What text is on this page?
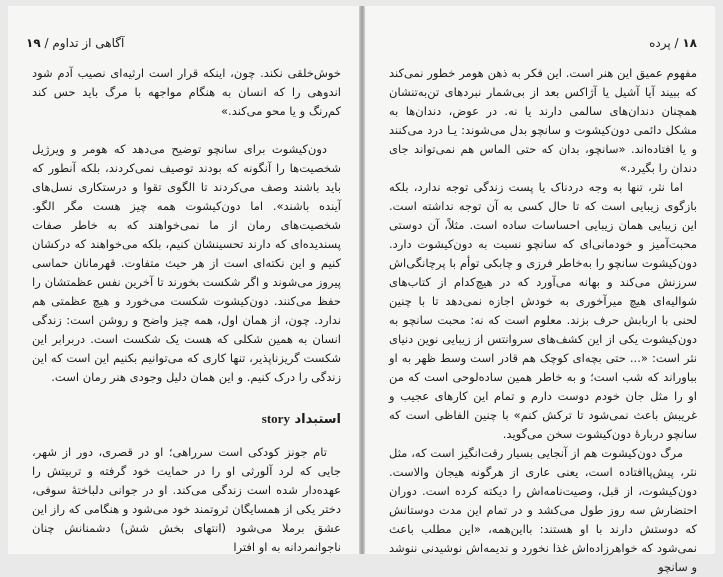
آگاهی از تداوم / ۱۹

خوش‌خلقی نکند. چون، اینکه قرار است ارثیه‌ای نصیب آدم شود اندوهی را که انسان به هنگام مواجهه با مرگ باید حس کند کم‌رنگ و یا محو می‌کند.»

دون‌کیشوت برای سانچو توضیح می‌دهد که هومر و ویرژیل شخصیت‌ها را آنگونه که بودند توصیف نمی‌کردند، بلکه آنطور که باید باشند وصف می‌کردند تا الگوی تقوا و درستکاری نسل‌های آینده باشند». اما دون‌کیشوت همه چیز هست مگر الگو. شخصیت‌های رمان از ما نمی‌خواهند که به خاطر صفات پسندیده‌ای که دارند تحسینشان کنیم، بلکه می‌خواهند که درکشان کنیم و این نکته‌ای است از هر حیث متفاوت. قهرمانان حماسی پیروز می‌شوند و اگر شکست بخورند تا آخرین نفس عظمتشان را حفظ می‌کنند. دون‌کیشوت شکست می‌خورد و هیچ عظمتی هم ندارد. چون، از همان اول، همه چیز واضح و روشن است: زندگی انسان به همین شکلی که هست یک شکست است. دربرابر این شکست گریزناپذیر، تنها کاری که می‌توانیم بکنیم این است که این زندگی را درک کنیم. و این همان دلیل وجودی هنر رمان است.

استبداد story

تام جونز کودکی است سرراهی؛ او در قصری، دور از شهر، جایی که لرد آلورثی او را در حمایت خود گرفته و تربیتش را عهده‌دار شده است زندگی می‌کند. او در جوانی دلباختهٔ سوفی، دختر یکی از همسایگان ثروتمند خود می‌شود و هنگامی که راز این عشق برملا می‌شود (انتهای بخش شش) دشمنانش چنان ناجوانمردانه به او افترا

۱۸ / پرده

مفهوم عمیق این هنر است. این فکر به ذهن هومر خطور نمی‌کند که ببیند آیا آشیل یا آژاکس بعد از بی‌شمار نبردهای تن‌به‌تنشان همچنان دندان‌های سالمی دارند یا نه. در عوض، دندان‌ها به مشکل دائمی دون‌کیشوت و سانچو بدل می‌شوند: یـا درد می‌کنند و یا افتاده‌اند. «سانچو، بدان که حتی الماس هم نمی‌تواند جای دندان را بگیرد.»

اما نثر، تنها به وجه دردناک یا پست زندگی توجه ندارد، بلکه بازگوی زیبایی است که تا حال کسی به آن توجه نداشته است. این زیبایی همان زیبایی احساسات ساده است. مثلاً، آن دوستی محبت‌آمیز و خودمانی‌ای که سانچو نسبت به دون‌کیشوت دارد. دون‌کیشوت سانچو را به‌خاطر فرزی و چابکی توأم با پرچانگی‌اش سرزنش می‌کند و بهانه می‌آورد که در هیچ‌کدام از کتاب‌های شوالیه‌ای هیچ میرآخوری به خودش اجازه نمی‌دهد تا با چنین لحنی با اربابش حرف بزند. معلوم است که نه: محبت سانچو به دون‌کیشوت یکی از این کشف‌های سروانتس از زیبایی نوین دنیای نثر است: «... حتی بچه‌ای کوچک هم قادر است وسط ظهر به او بباوراند که شب است؛ و به خاطر همین ساده‌لوحی است که من او را مثل جان خودم دوست دارم و تمام این کارهای عجیب و غریبش باعث نمی‌شود تا ترکش کنم» با چنین الفاظی است که سانچو دربارهٔ دون‌کیشوت سخن می‌گوید.

مرگ دون‌کیشوت هم از آنجایی بسیار رقت‌انگیز است که، مثل نثر، پیش‌پاافتاده است، یعنی عاری از هرگونه هیجان والاست. دون‌کیشوت، از قبل، وصیت‌نامه‌اش را دیکته کرده است. دوران احتضارش سه روز طول می‌کشد و در تمام این مدت دوستانش که دوستش دارند با او هستند: بااین‌همه، «این مطلب باعث نمی‌شود که خواهرزاده‌اش غذا نخورد و ندیمه‌اش نوشیدنی ننوشد و سانچو
